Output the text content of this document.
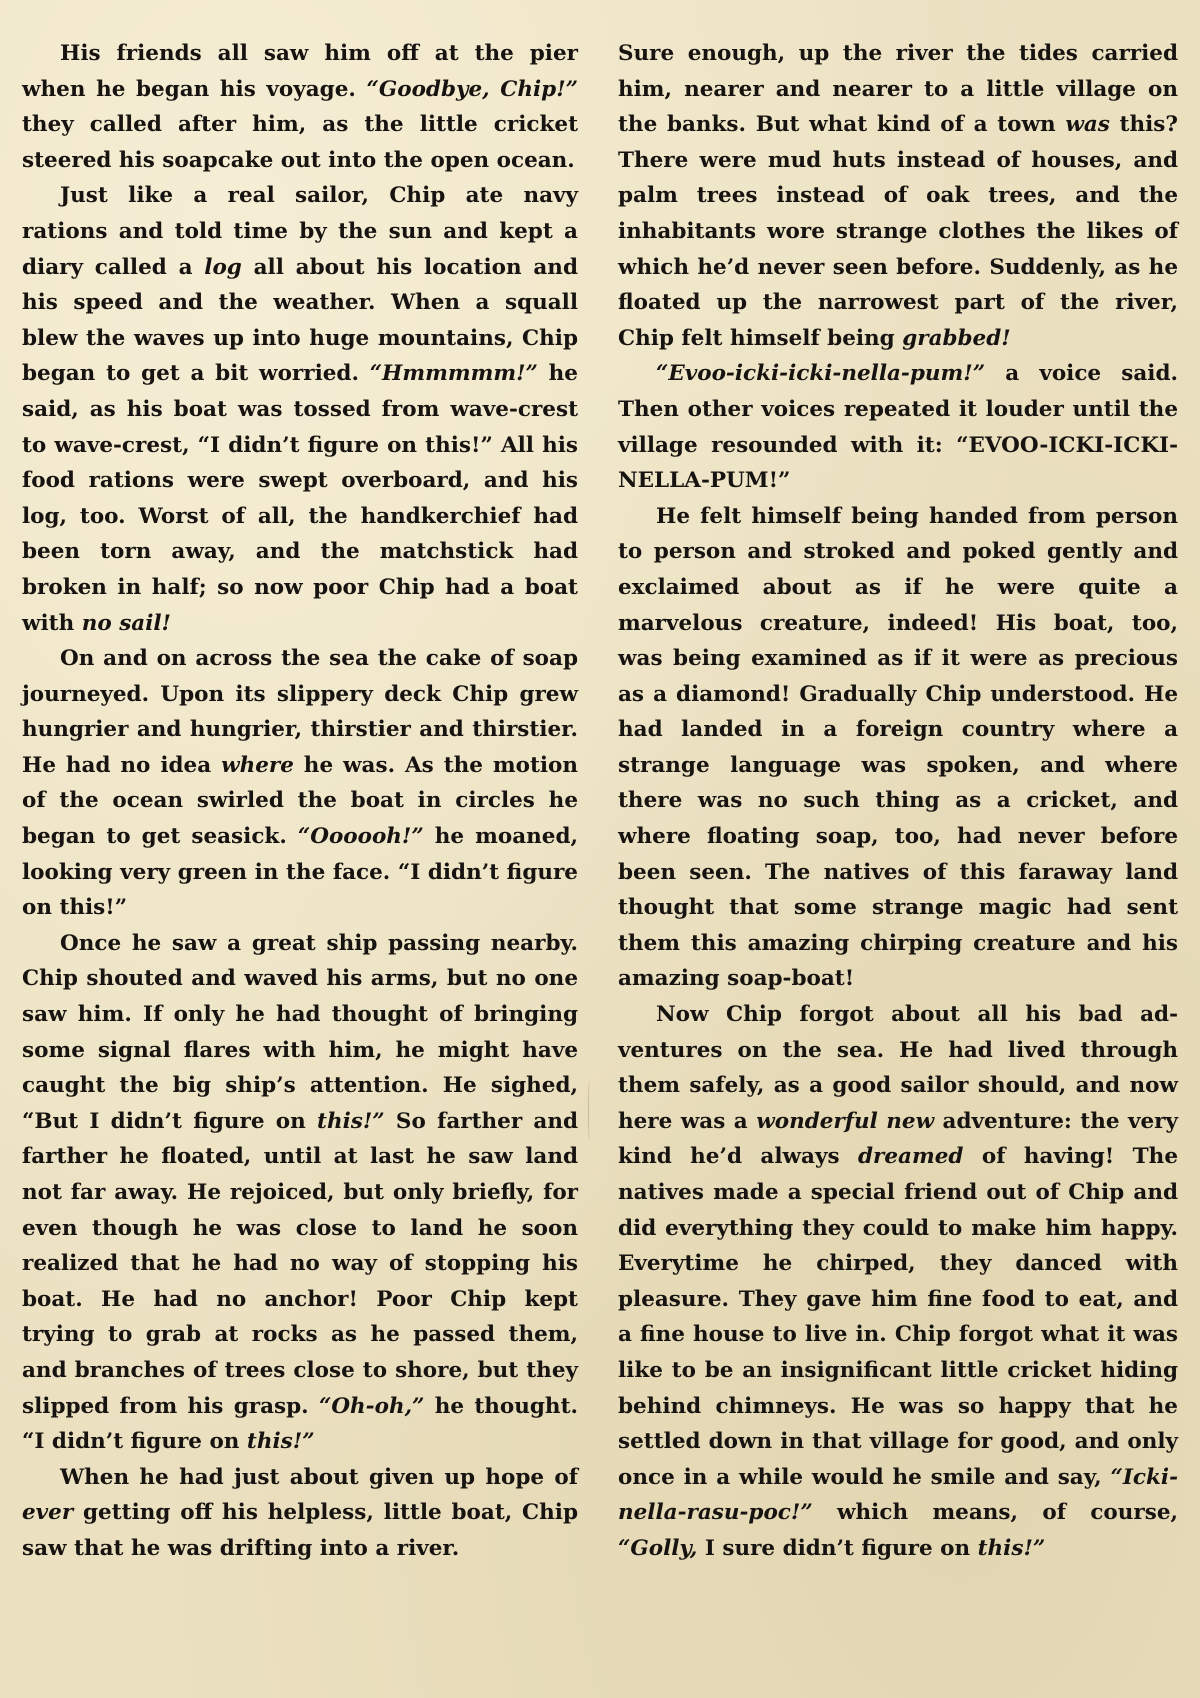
His friends all saw him off at the pier when he began his voyage. “Goodbye, Chip!” they called after him, as the little cricket steered his soapcake out into the open ocean.

Just like a real sailor, Chip ate navy rations and told time by the sun and kept a diary called a log all about his location and his speed and the weather. When a squall blew the waves up into huge mountains, Chip began to get a bit worried. “Hmmmmm!” he said, as his boat was tossed from wave-crest to wave-crest, “I didn’t figure on this!” All his food rations were swept overboard, and his log, too. Worst of all, the handkerchief had been torn away, and the matchstick had broken in half; so now poor Chip had a boat with no sail!

On and on across the sea the cake of soap journeyed. Upon its slippery deck Chip grew hungrier and hungrier, thirstier and thirstier. He had no idea where he was. As the motion of the ocean swirled the boat in circles he began to get seasick. “Oooooh!” he moaned, looking very green in the face. “I didn’t figure on this!”

Once he saw a great ship passing nearby. Chip shouted and waved his arms, but no one saw him. If only he had thought of bringing some signal flares with him, he might have caught the big ship’s attention. He sighed, “But I didn’t figure on this!” So farther and farther he floated, until at last he saw land not far away. He rejoiced, but only briefly, for even though he was close to land he soon realized that he had no way of stopping his boat. He had no anchor! Poor Chip kept trying to grab at rocks as he passed them, and branches of trees close to shore, but they slipped from his grasp. “Oh-oh,” he thought. “I didn’t figure on this!”

When he had just about given up hope of ever getting off his helpless, little boat, Chip saw that he was drifting into a river.

Sure enough, up the river the tides carried him, nearer and nearer to a little village on the banks. But what kind of a town was this? There were mud huts instead of houses, and palm trees instead of oak trees, and the inhabitants wore strange clothes the likes of which he’d never seen before. Suddenly, as he floated up the narrowest part of the river, Chip felt himself being grabbed!

“Evoo-icki-icki-nella-pum!” a voice said. Then other voices repeated it louder until the village resounded with it: “EVOO-ICKI-ICKI-NELLA-PUM!”

He felt himself being handed from person to person and stroked and poked gently and exclaimed about as if he were quite a marvelous creature, indeed! His boat, too, was being examined as if it were as precious as a diamond! Gradually Chip understood. He had landed in a foreign country where a strange language was spoken, and where there was no such thing as a cricket, and where floating soap, too, had never before been seen. The natives of this faraway land thought that some strange magic had sent them this amazing chirping creature and his amazing soap-boat!

Now Chip forgot about all his bad adventures on the sea. He had lived through them safely, as a good sailor should, and now here was a wonderful new adventure: the very kind he’d always dreamed of having! The natives made a special friend out of Chip and did everything they could to make him happy. Everytime he chirped, they danced with pleasure. They gave him fine food to eat, and a fine house to live in. Chip forgot what it was like to be an insignificant little cricket hiding behind chimneys. He was so happy that he settled down in that village for good, and only once in a while would he smile and say, “Icki-nella-rasu-poc!” which means, of course, “Golly, I sure didn’t figure on this!”
